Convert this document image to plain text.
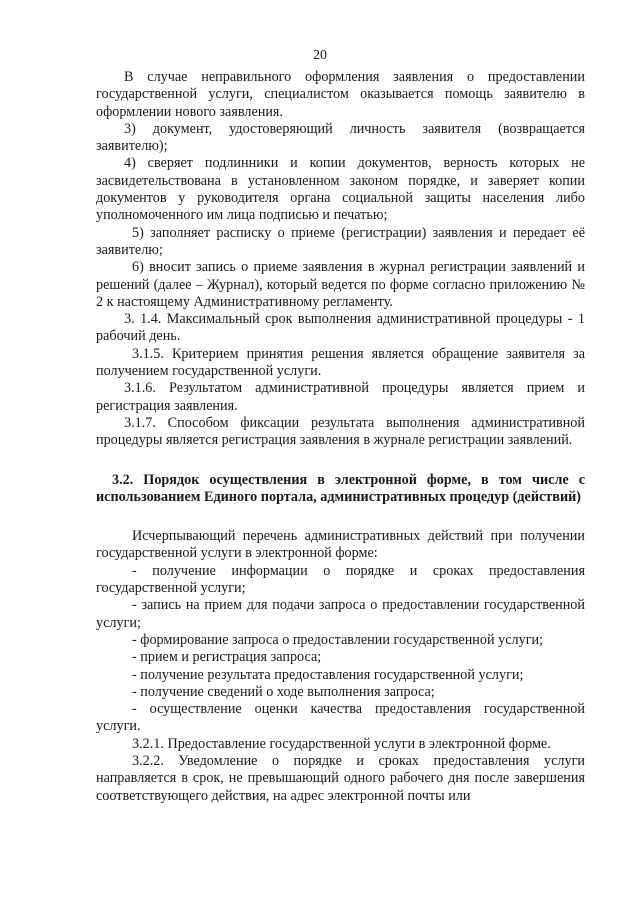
20

В случае неправильного оформления заявления о предоставлении государственной услуги, специалистом оказывается помощь заявителю в оформлении нового заявления.

3) документ, удостоверяющий личность заявителя (возвращается заявителю);

4) сверяет подлинники и копии документов, верность которых не засвидетельствована в установленном законом порядке, и заверяет копии документов у руководителя органа социальной защиты населения либо уполномоченного им лица подписью и печатью;

5) заполняет расписку о приеме (регистрации) заявления и передает её заявителю;

6) вносит запись о приеме заявления в журнал регистрации заявлений и решений (далее – Журнал), который ведется по форме согласно приложению № 2 к настоящему Административному регламенту.

3. 1.4. Максимальный срок выполнения административной процедуры - 1 рабочий день.

3.1.5. Критерием принятия решения является обращение заявителя за получением государственной услуги.

3.1.6. Результатом административной процедуры является прием и регистрация заявления.

3.1.7. Способом фиксации результата выполнения административной процедуры является регистрация заявления в журнале регистрации заявлений.

3.2. Порядок осуществления в электронной форме, в том числе с использованием Единого портала, административных процедур (действий)

Исчерпывающий перечень административных действий при получении государственной услуги в электронной форме:

- получение информации о порядке и сроках предоставления государственной услуги;

- запись на прием для подачи запроса о предоставлении государственной услуги;

- формирование запроса о предоставлении государственной услуги;

- прием и регистрация запроса;

- получение результата предоставления государственной услуги;

- получение сведений о ходе выполнения запроса;

- осуществление оценки качества предоставления государственной услуги.

3.2.1. Предоставление государственной услуги в электронной форме.

3.2.2. Уведомление о порядке и сроках предоставления услуги направляется в срок, не превышающий одного рабочего дня после завершения соответствующего действия, на адрес электронной почты или
